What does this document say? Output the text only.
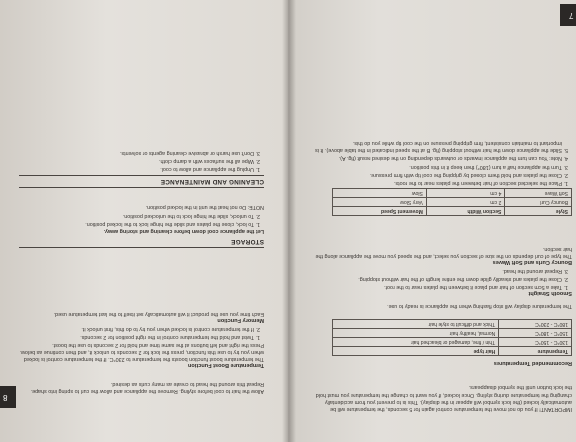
8
Allow the hair to cool before styling. Remove the appliance and allow the curl to spring into shape. Repeat this around the head to create as many curls as desired.
Temperature Boost Function
The temperature boost function boosts the temperature to 230°C. If the temperature control is locked when you try to use this function, press the lock for 2 seconds to unlock it, and then continue as below. Press the right and left buttons at the same time and hold for 2 seconds to use the boost.
1. Twist and hold the temperature control in the right position for 2 seconds.
2. If the temperature control is locked when you try to do this, first unlock it.
Memory Function
Each time you use the product it will automatically set itself to the last temperature used.
STORAGE
Let the appliance cool down before cleaning and storing away.
1. To lock, close the plates and slide the hinge lock to the locked position.
2. To unlock, slide the hinge lock to the unlocked position.
NOTE: Do not heat the unit in the locked position.
CLEANING AND MAINTENANCE
1. Unplug the appliance and allow to cool.
2. Wipe all the surfaces with a damp cloth.
3. Don't use harsh or abrasive cleaning agents or solvents.
7
IMPORTANT! If you do not move the temperature control again for 5 seconds, the temperature will be automatically locked (the lock symbol will appear in the display). This is to prevent you from accidentally changing the temperature during styling. Once locked, if you want to change the temperature you must hold the lock button until the symbol disappears.
Recommended Temperatures
Temperature	Hair type
130°C - 150°C	Thin / fine, damaged or bleached hair
150°C - 180°C	Normal, healthy hair
180°C - 230°C	Thick and difficult to style hair
The temperature display will stop flashing when the appliance is ready to use.
Smooth Straight
1. Take a 5cm section of hair and place it between the plates near to the root.
2. Close the plates and steadily glide down the entire length of the hair without stopping.
3. Repeat around the head.
Bouncy Curls and Soft Waves
The type of curl depends on the size of section you select, and the speed you move the appliance along the hair section.
Style	Section Width	Movement Speed
Bouncy Curl	2 cm	Very Slow
Soft Wave	4 cm	Slow
1. Place the selected section of hair between the plates near to the roots.
2. Close the plates and hold them closed by gripping the cool tip with firm pressure.
3. Turn the appliance half a turn (180°) then keep it in this position.
4. Note: You can turn the appliance inwards or outwards depending on the desired result (fig. A).
5. Slide the appliance down the hair without stopping (fig. B at the speed indicated in the table above). It is important to maintain consistent, firm gripping pressure on the cool tip while you do this.
